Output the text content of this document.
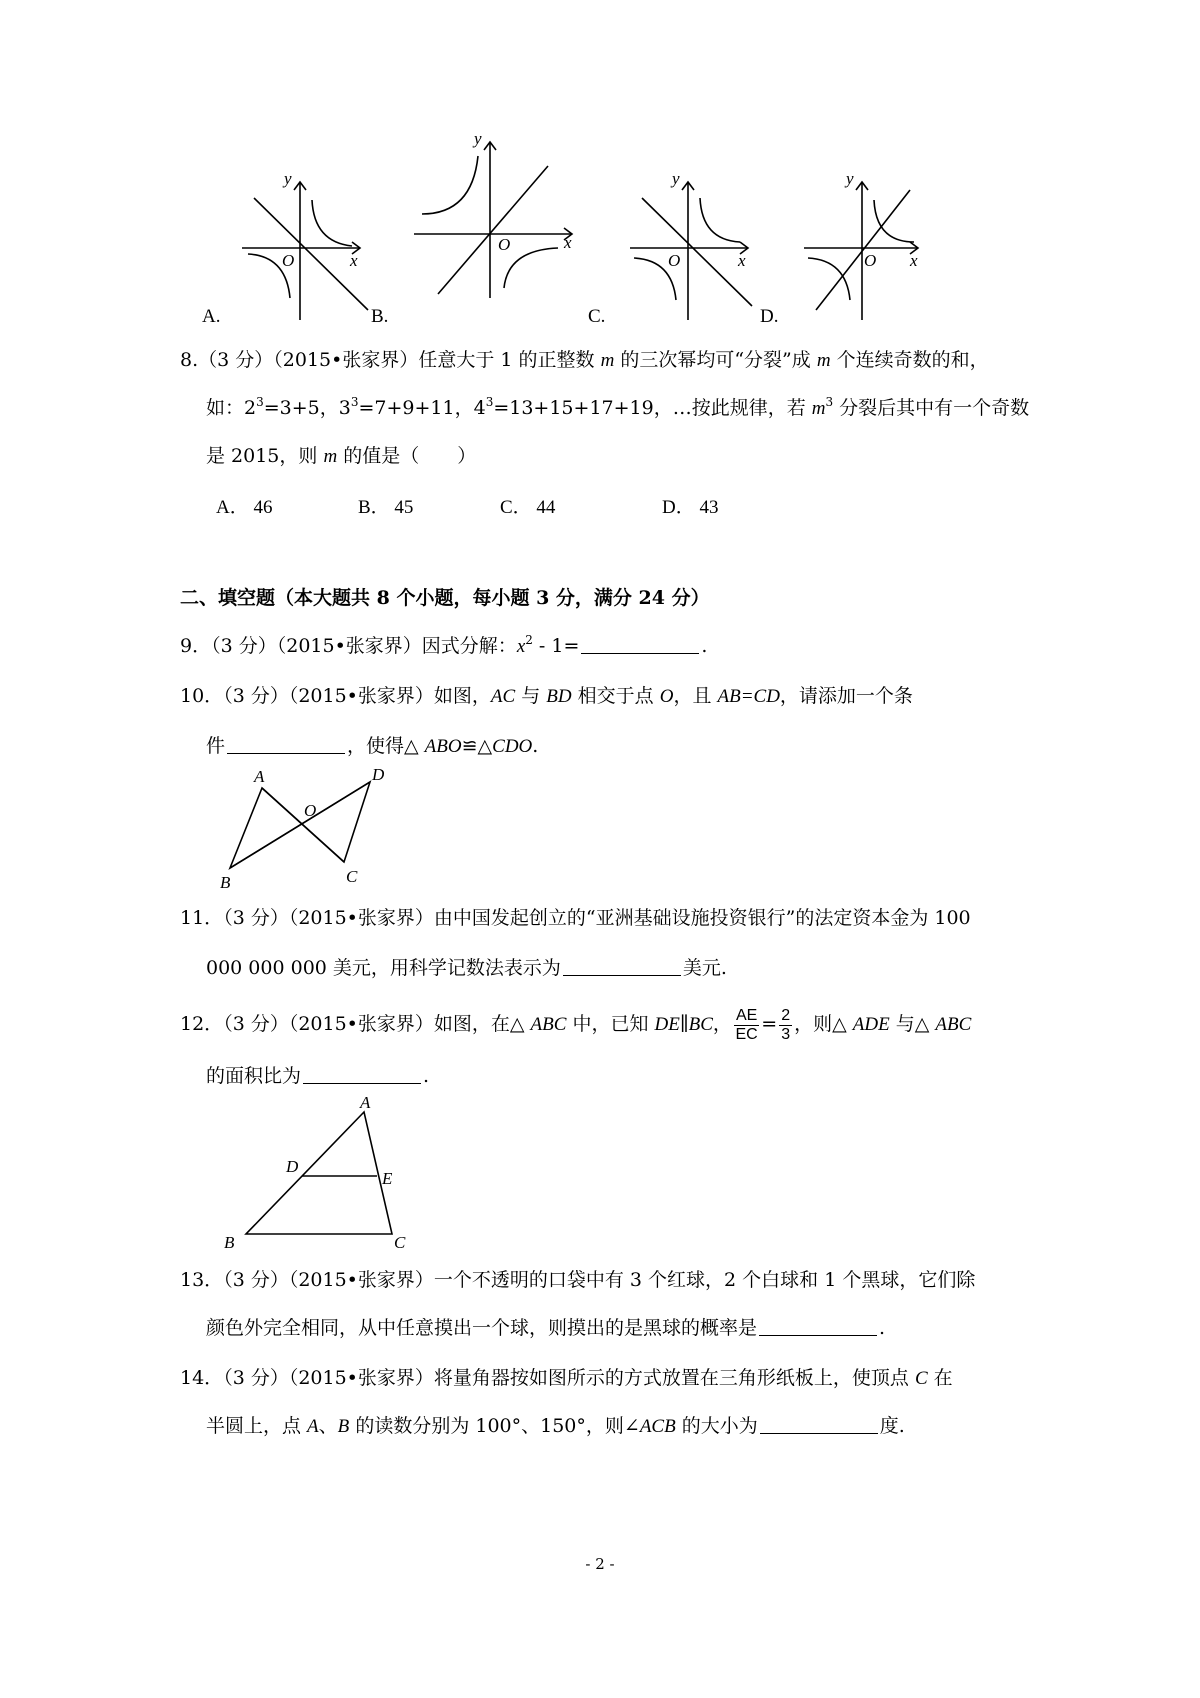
y
x
O
y
x
O
y
x
O
y
x
O
A.	B.	C.	D.
8.（3 分）（2015•张家界）任意大于 1 的正整数 m 的三次幂均可“分裂”成 m 个连续奇数的和，
如：$2^3=3+5$，$3^3=7+9+11$，$4^3=13+15+17+19$，…按此规律，若 $m^3$ 分裂后其中有一个奇数
是 2015，则 m 的值是（　　）
A． 46	B． 45	C． 44	D． 43
二、填空题（本大题共 8 个小题，每小题 3 分，满分 24 分）
9．（3 分）（2015•张家界）因式分解：$x^2 - 1=$	.
10．（3 分）（2015•张家界）如图，AC 与 BD 相交于点 O，且 AB=CD，请添加一个条
件	，使得△ ABO≌△CDO.
A
B	C
D
O
11．（3 分）（2015•张家界）由中国发起创立的“亚洲基础设施投资银行”的法定资本金为 100
000 000 000 美元，用科学记数法表示为	美元.
12．（3 分）（2015•张家界）如图，在△ ABC 中，已知 DE∥BC， $\frac{AE}{EC} = \frac{2}{3}$ ，则△ ADE 与△ ABC
的面积比为	.
A
B	C
D
E
13．（3 分）（2015•张家界）一个不透明的口袋中有 3 个红球，2 个白球和 1 个黑球，它们除
颜色外完全相同，从中任意摸出一个球，则摸出的是黑球的概率是	.
14．（3 分）（2015•张家界）将量角器按如图所示的方式放置在三角形纸板上，使顶点 C 在
半圆上，点 A、B 的读数分别为 100°、150°，则∠ACB 的大小为	度.
- 2 -
